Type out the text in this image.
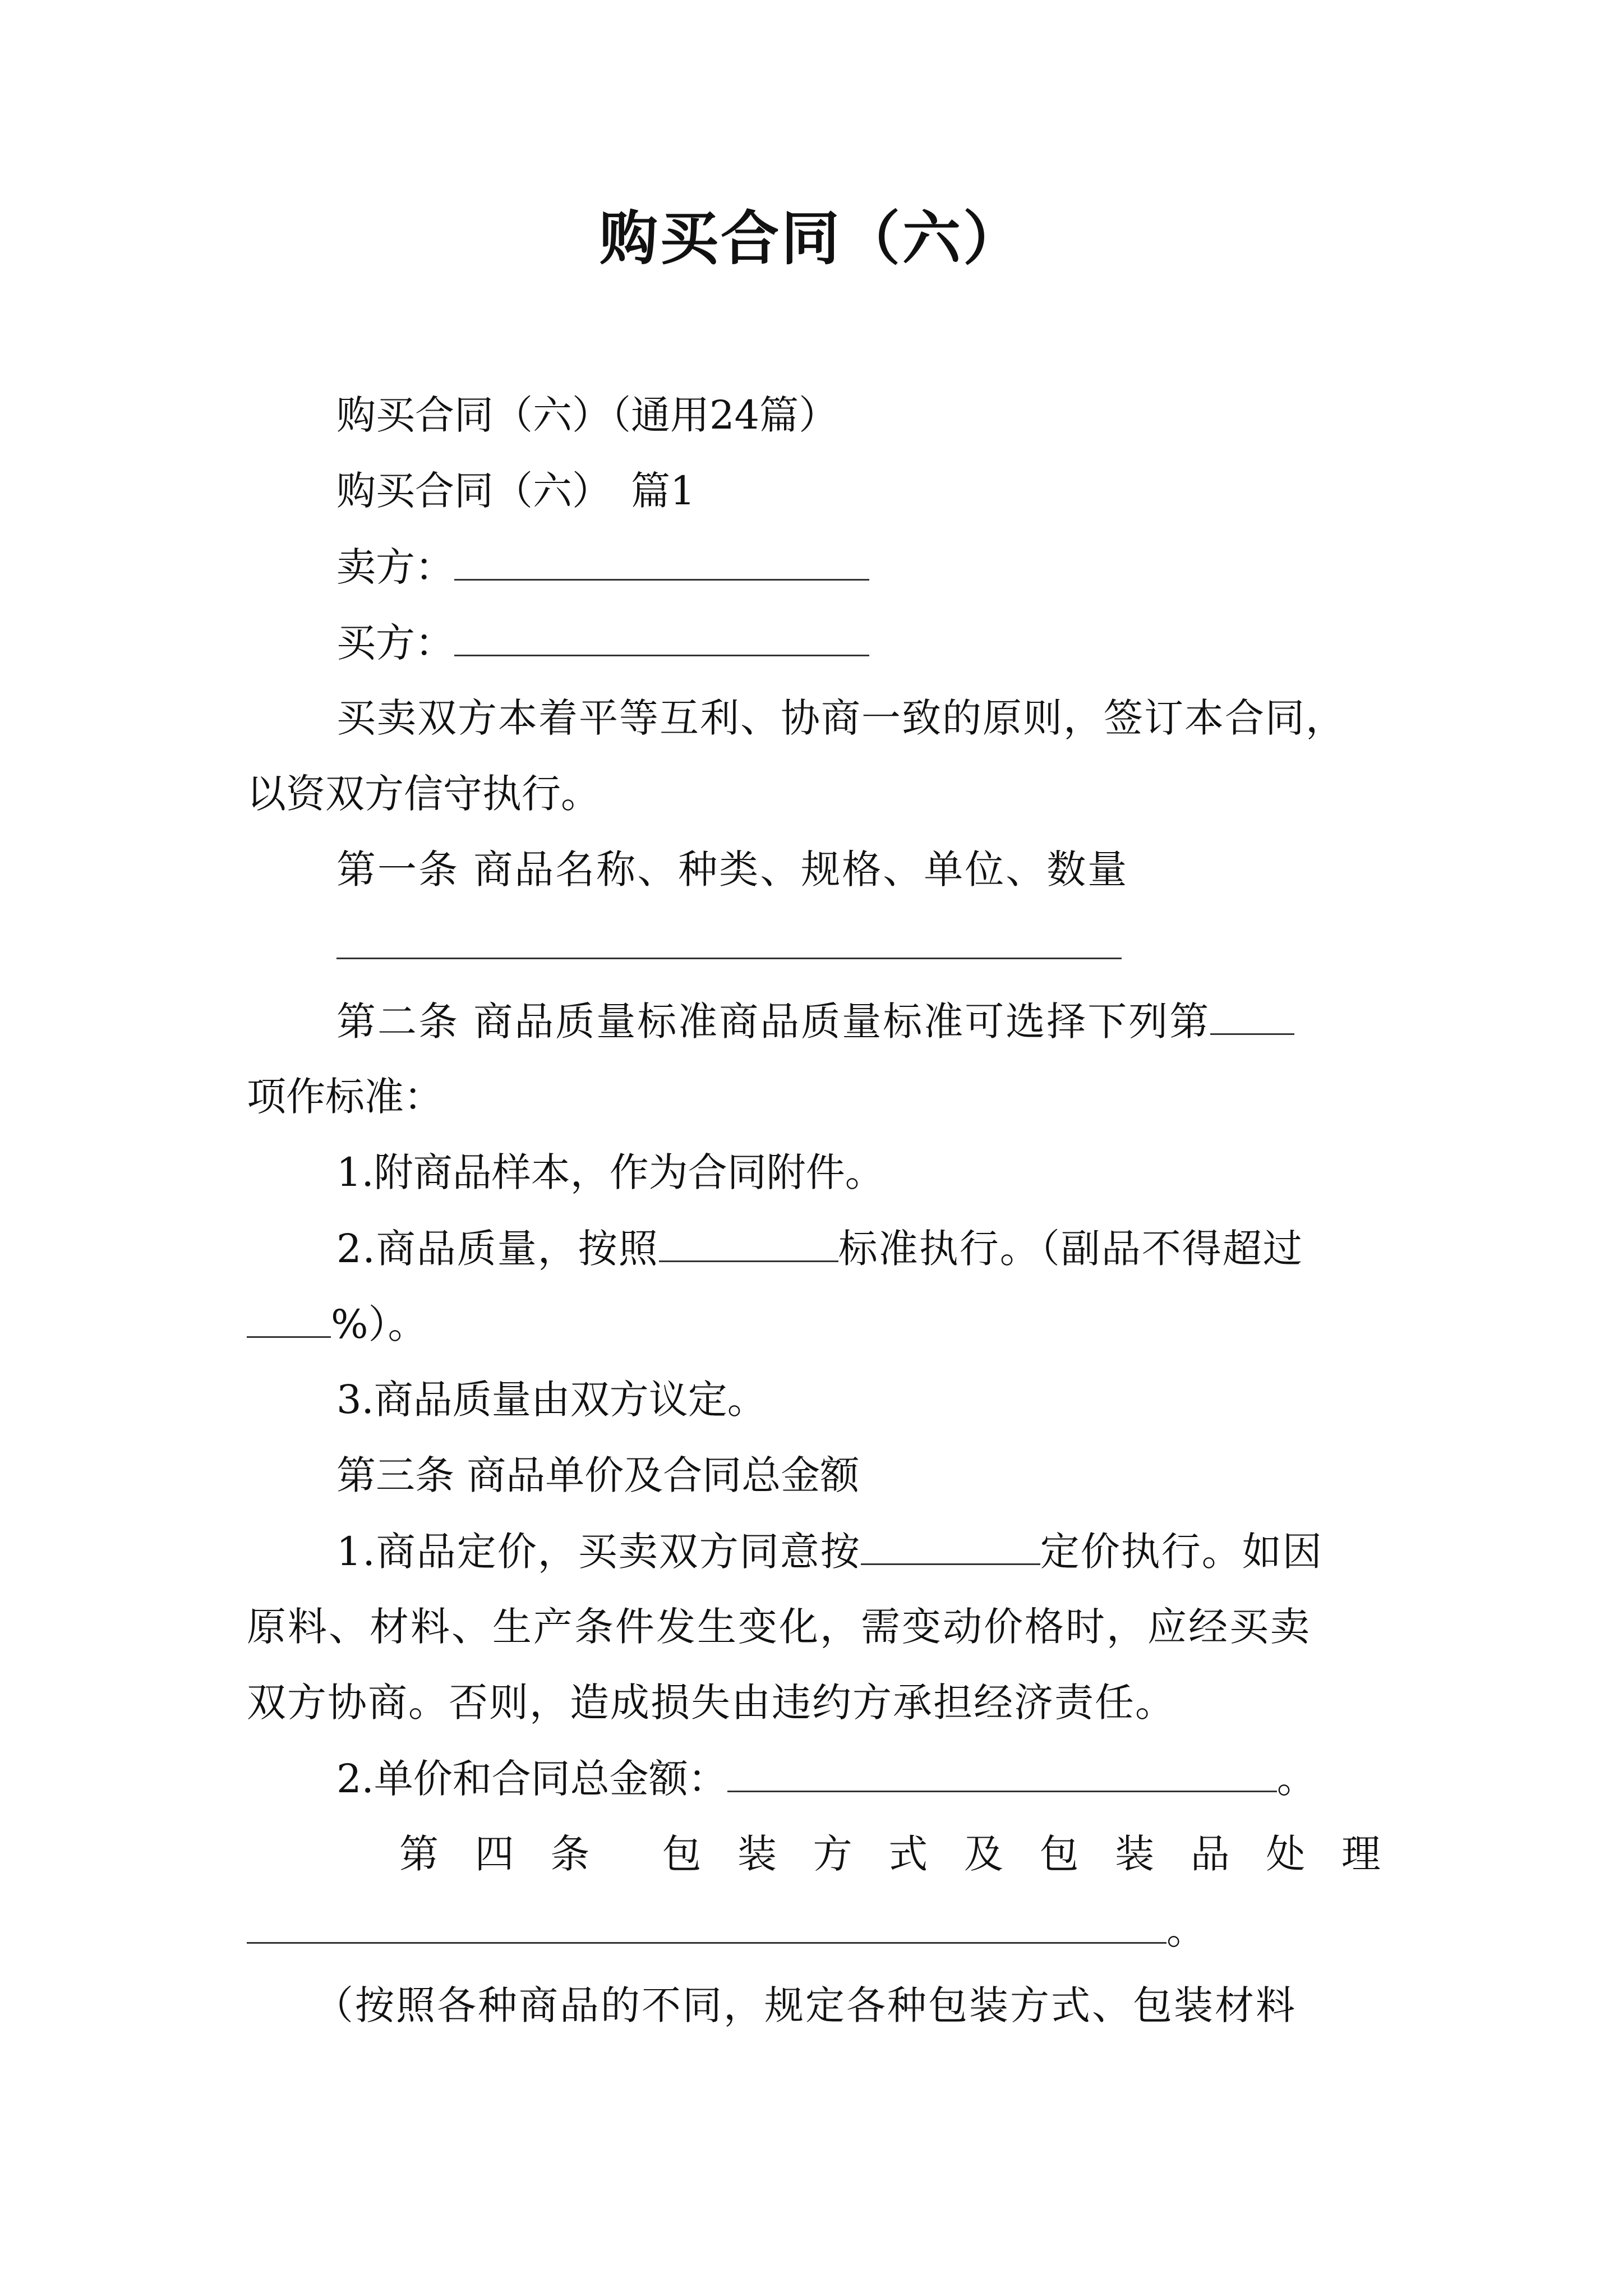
购买合同（六）
购买合同（六）（通用24篇）
购买合同（六）　篇1
卖方：
买方：
买卖双方本着平等互利、协商一致的原则，签订本合同，
以资双方信守执行。
第一条 商品名称、种类、规格、单位、数量
第二条 商品质量标准商品质量标准可选择下列第
项作标准：
1.附商品样本，作为合同附件。
2.商品质量，按照	标准执行。（副品不得超过
%）。
3.商品质量由双方议定。
第三条 商品单价及合同总金额
1.商品定价，买卖双方同意按	定价执行。如因
原料、材料、生产条件发生变化，需变动价格时，应经买卖
双方协商。否则，造成损失由违约方承担经济责任。
2.单价和合同总金额：	。
第 四 条 包 装 方 式 及 包 装 品 处 理
。
（按照各种商品的不同，规定各种包装方式、包装材料
